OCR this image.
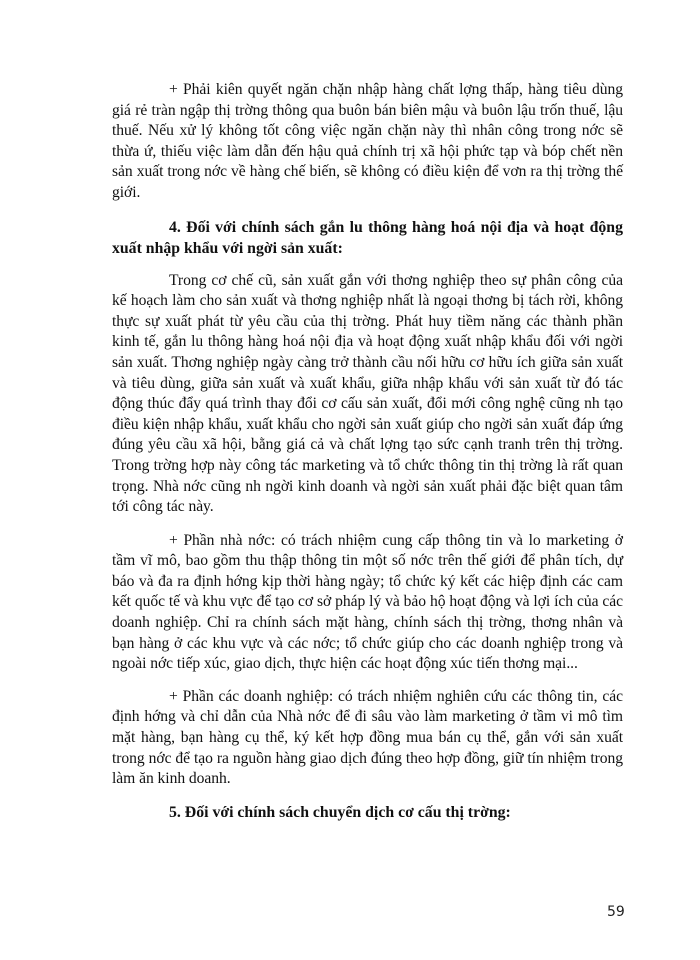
+ Phải kiên quyết ngăn chặn nhập hàng chất lợng thấp, hàng tiêu dùng giá rẻ tràn ngập thị trờng thông qua buôn bán biên mậu và buôn lậu trốn thuế, lậu thuế. Nếu xử lý không tốt công việc ngăn chặn này thì nhân công trong nớc sẽ thừa ứ, thiếu việc làm dẫn đến hậu quả chính trị xã hội phức tạp và bóp chết nền sản xuất trong nớc về hàng chế biến, sẽ không có điều kiện để vơn ra thị trờng thế giới.

4. Đối với chính sách gắn lu thông hàng hoá nội địa và hoạt động xuất nhập khẩu với ngời sản xuất:

Trong cơ chế cũ, sản xuất gắn với thơng nghiệp theo sự phân công của kế hoạch làm cho sản xuất và thơng nghiệp nhất là ngoại thơng bị tách rời, không thực sự xuất phát từ yêu cầu của thị trờng. Phát huy tiềm năng các thành phần kinh tế, gắn lu thông hàng hoá nội địa và hoạt động xuất nhập khẩu đối với ngời sản xuất. Thơng nghiệp ngày càng trở thành cầu nối hữu cơ hữu ích giữa sản xuất và tiêu dùng, giữa sản xuất và xuất khẩu, giữa nhập khẩu với sản xuất từ đó tác động thúc đẩy quá trình thay đổi cơ cấu sản xuất, đổi mới công nghệ cũng nh tạo điều kiện nhập khẩu, xuất khẩu cho ngời sản xuất giúp cho ngời sản xuất đáp ứng đúng yêu cầu xã hội, bằng giá cả và chất lợng tạo sức cạnh tranh trên thị trờng. Trong trờng hợp này công tác marketing và tổ chức thông tin thị trờng là rất quan trọng. Nhà nớc cũng nh ngời kinh doanh và ngời sản xuất phải đặc biệt quan tâm tới công tác này.

+ Phần nhà nớc: có trách nhiệm cung cấp thông tin và lo marketing ở tầm vĩ mô, bao gồm thu thập thông tin một số nớc trên thế giới để phân tích, dự báo và đa ra định hớng kịp thời hàng ngày; tổ chức ký kết các hiệp định các cam kết quốc tế và khu vực để tạo cơ sở pháp lý và bảo hộ hoạt động và lợi ích của các doanh nghiệp. Chỉ ra chính sách mặt hàng, chính sách thị trờng, thơng nhân và bạn hàng ở các khu vực và các nớc; tổ chức giúp cho các doanh nghiệp trong và ngoài nớc tiếp xúc, giao dịch, thực hiện các hoạt động xúc tiến thơng mại...

+ Phần các doanh nghiệp: có trách nhiệm nghiên cứu các thông tin, các định hớng và chỉ dẫn của Nhà nớc để đi sâu vào làm marketing ở tầm vi mô tìm mặt hàng, bạn hàng cụ thể, ký kết hợp đồng mua bán cụ thể, gắn với sản xuất trong nớc để tạo ra nguồn hàng giao dịch đúng theo hợp đồng, giữ tín nhiệm trong làm ăn kinh doanh.

5. Đối với chính sách chuyển dịch cơ cấu thị trờng:

59
